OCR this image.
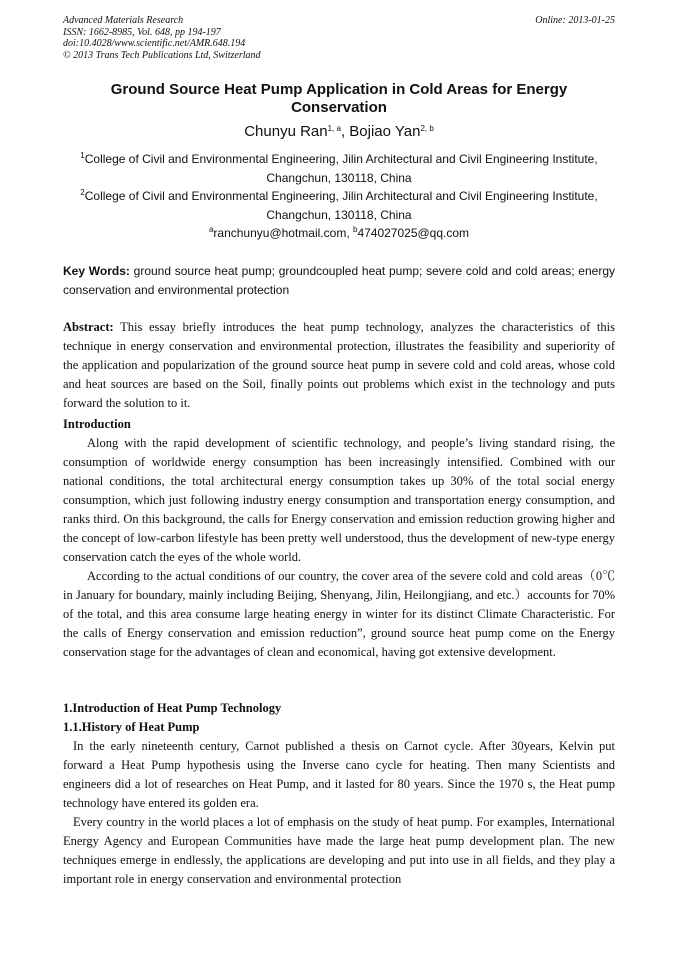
Advanced Materials Research
ISSN: 1662-8985, Vol. 648, pp 194-197
doi:10.4028/www.scientific.net/AMR.648.194
© 2013 Trans Tech Publications Ltd, Switzerland
Online: 2013-01-25
Ground Source Heat Pump Application in Cold Areas for Energy Conservation
Chunyu Ran$^{1, a}$, Bojiao Yan$^{2, b}$
$^1$College of Civil and Environmental Engineering, Jilin Architectural and Civil Engineering Institute, Changchun, 130118, China
$^2$College of Civil and Environmental Engineering, Jilin Architectural and Civil Engineering Institute, Changchun, 130118, China
$^a$ranchunyu@hotmail.com, $^b$474027025@qq.com
Key Words: ground source heat pump; groundcoupled heat pump; severe cold and cold areas; energy conservation and environmental protection

Abstract: This essay briefly introduces the heat pump technology, analyzes the characteristics of this technique in energy conservation and environmental protection, illustrates the feasibility and superiority of the application and popularization of the ground source heat pump in severe cold and cold areas, whose cold and heat sources are based on the Soil, finally points out problems which exist in the technology and puts forward the solution to it.

Introduction

Along with the rapid development of scientific technology, and people’s living standard rising, the consumption of worldwide energy consumption has been increasingly intensified. Combined with our national conditions, the total architectural energy consumption takes up 30% of the total social energy consumption, which just following industry energy consumption and transportation energy consumption, and ranks third. On this background, the calls for Energy conservation and emission reduction growing higher and the concept of low-carbon lifestyle has been pretty well understood, thus the development of new-type energy conservation catch the eyes of the whole world.

According to the actual conditions of our country, the cover area of the severe cold and cold areas（0℃ in January for boundary, mainly including Beijing, Shenyang, Jilin, Heilongjiang, and etc.）accounts for 70% of the total, and this area consume large heating energy in winter for its distinct Climate Characteristic. For the calls of Energy conservation and emission reduction”, ground source heat pump come on the Energy conservation stage for the advantages of clean and economical, having got extensive development.

1.Introduction of Heat Pump Technology

1.1.History of Heat Pump

In the early nineteenth century, Carnot published a thesis on Carnot cycle. After 30years, Kelvin put forward a Heat Pump hypothesis using the Inverse cano cycle for heating. Then many Scientists and engineers did a lot of researches on Heat Pump, and it lasted for 80 years. Since the 1970 s, the Heat pump technology have entered its golden era.

Every country in the world places a lot of emphasis on the study of heat pump. For examples, International Energy Agency and European Communities have made the large heat pump development plan. The new techniques emerge in endlessly, the applications are developing and put into use in all fields, and they play a important role in energy conservation and environmental protection
